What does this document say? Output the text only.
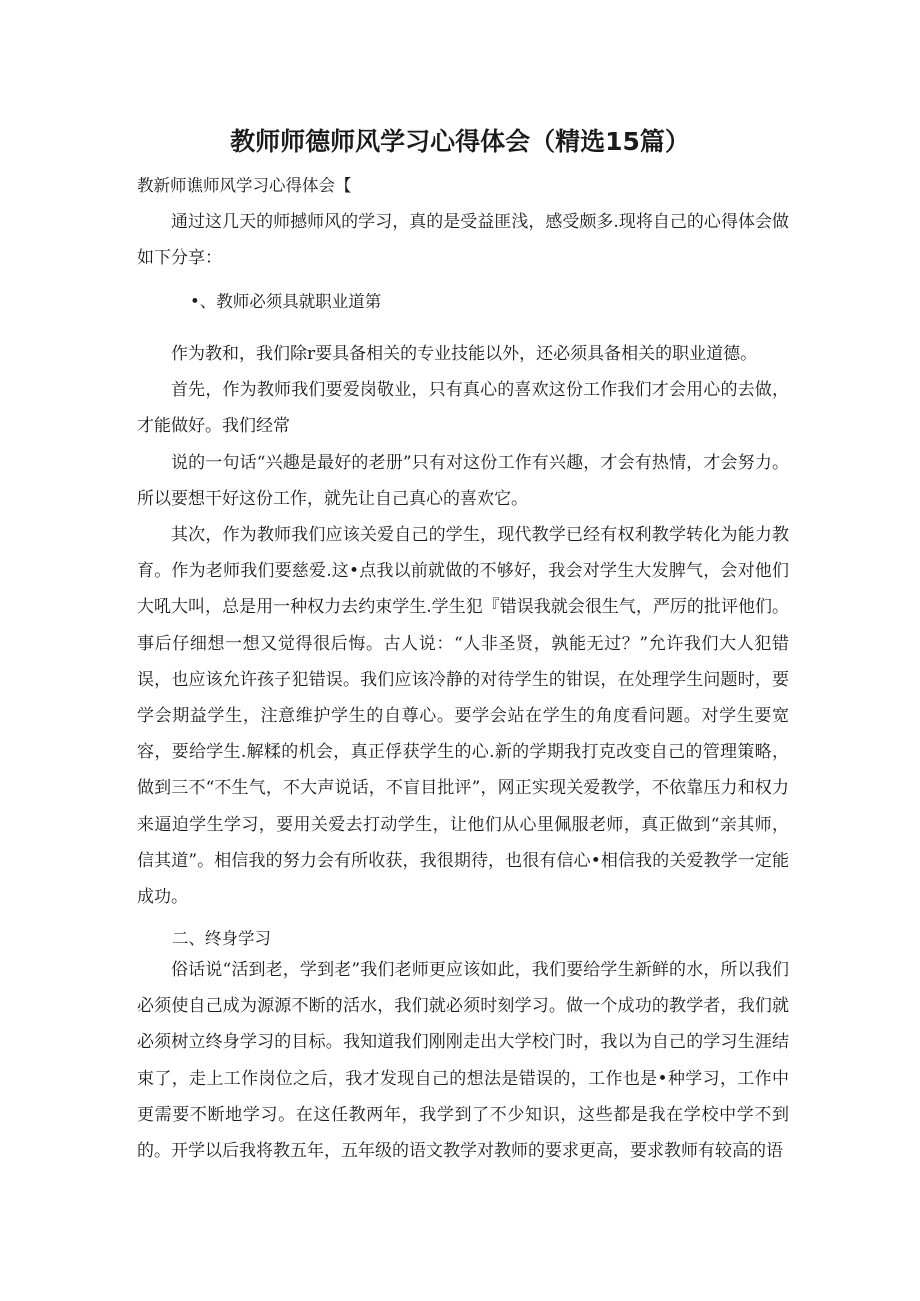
教师师德师风学习心得体会（精选15篇）
教新师谯师风学习心得体会【

通过这几天的师撼师风的学习，真的是受益匪浅，感受颇多.现将自己的心得体会做如下分享：

•、教师必须具就职业道第

作为教和，我们除r要具备相关的专业技能以外，还必须具备相关的职业道德。

首先，作为教师我们要爱岗敬业，只有真心的喜欢这份工作我们才会用心的去做，才能做好。我们经常

说的一句话“兴趣是最好的老册”只有对这份工作有兴趣，才会有热情，才会努力。所以要想干好这份工作，就先让自己真心的喜欢它。

其次，作为教师我们应该关爱自己的学生，现代教学已经有权利教学转化为能力教育。作为老师我们要慈爱.这•点我以前就做的不够好，我会对学生大发脾气，会对他们大吼大叫，总是用一种权力去约束学生.学生犯『错误我就会很生气，严厉的批评他们。事后仔细想一想又觉得很后悔。古人说：“人非圣贤，孰能无过？”允许我们大人犯错误，也应该允许孩子犯错误。我们应该冷静的对待学生的钳误，在处理学生问题时，要学会期益学生，注意维护学生的自尊心。要学会站在学生的角度看问题。对学生要宽容，要给学生.解糅的机会，真正俘获学生的心.新的学期我打克改变自己的管理策略，做到三不“不生气，不大声说话，不盲目批评”，网正实现关爱教学，不依靠压力和权力来逼迫学生学习，要用关爱去打动学生，让他们从心里佩服老师，真正做到“亲其师，信其道”。相信我的努力会有所收获，我很期待，也很有信心•相信我的关爱教学一定能成功。

二、终身学习

俗话说“活到老，学到老”我们老师更应该如此，我们要给学生新鲜的水，所以我们必须使自己成为源源不断的活水，我们就必须时刻学习。做一个成功的教学者，我们就必须树立终身学习的目标。我知道我们刚刚走出大学校门时，我以为自己的学习生涯结束了，走上工作岗位之后，我才发现自己的想法是错误的，工作也是•种学习，工作中更需要不断地学习。在这任教两年，我学到了不少知识，这些都是我在学校中学不到的。开学以后我将教五年，五年级的语文教学对教师的要求更高，要求教师有较高的语
